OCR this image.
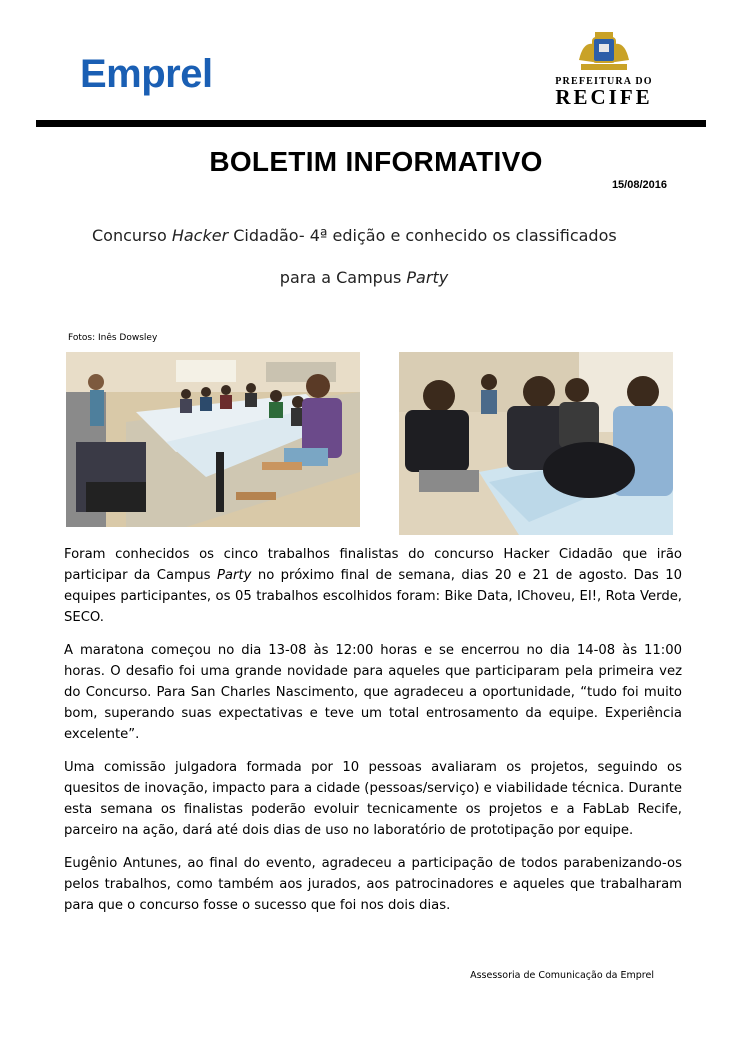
Emprel	PREFEITURA DO
RECIFE
BOLETIM INFORMATIVO
15/08/2016
Concurso Hacker Cidadão- 4ª edição e conhecido os classificados
para a Campus Party
Fotos: Inês Dowsley

Foram conhecidos os cinco trabalhos finalistas do concurso Hacker Cidadão que irão participar da Campus Party no próximo final de semana, dias 20 e 21 de agosto. Das 10 equipes participantes, os 05 trabalhos escolhidos foram: Bike Data, IChoveu, EI!, Rota Verde, SECO.

A maratona começou no dia 13-08 às 12:00 horas e se encerrou no dia 14-08 às 11:00 horas. O desafio foi uma grande novidade para aqueles que participaram pela primeira vez do Concurso. Para San Charles Nascimento, que agradeceu a oportunidade, “tudo foi muito bom, superando suas expectativas e teve um total entrosamento da equipe. Experiência excelente”.

Uma comissão julgadora formada por 10 pessoas avaliaram os projetos, seguindo os quesitos de inovação, impacto para a cidade (pessoas/serviço) e viabilidade técnica. Durante esta semana os finalistas poderão evoluir tecnicamente os projetos e a FabLab Recife, parceiro na ação, dará até dois dias de uso no laboratório de prototipação por equipe.

Eugênio Antunes, ao final do evento, agradeceu a participação de todos parabenizando-os pelos trabalhos, como também aos jurados, aos patrocinadores e aqueles que trabalharam para que o concurso fosse o sucesso que foi nos dois dias.

Assessoria de Comunicação da Emprel
